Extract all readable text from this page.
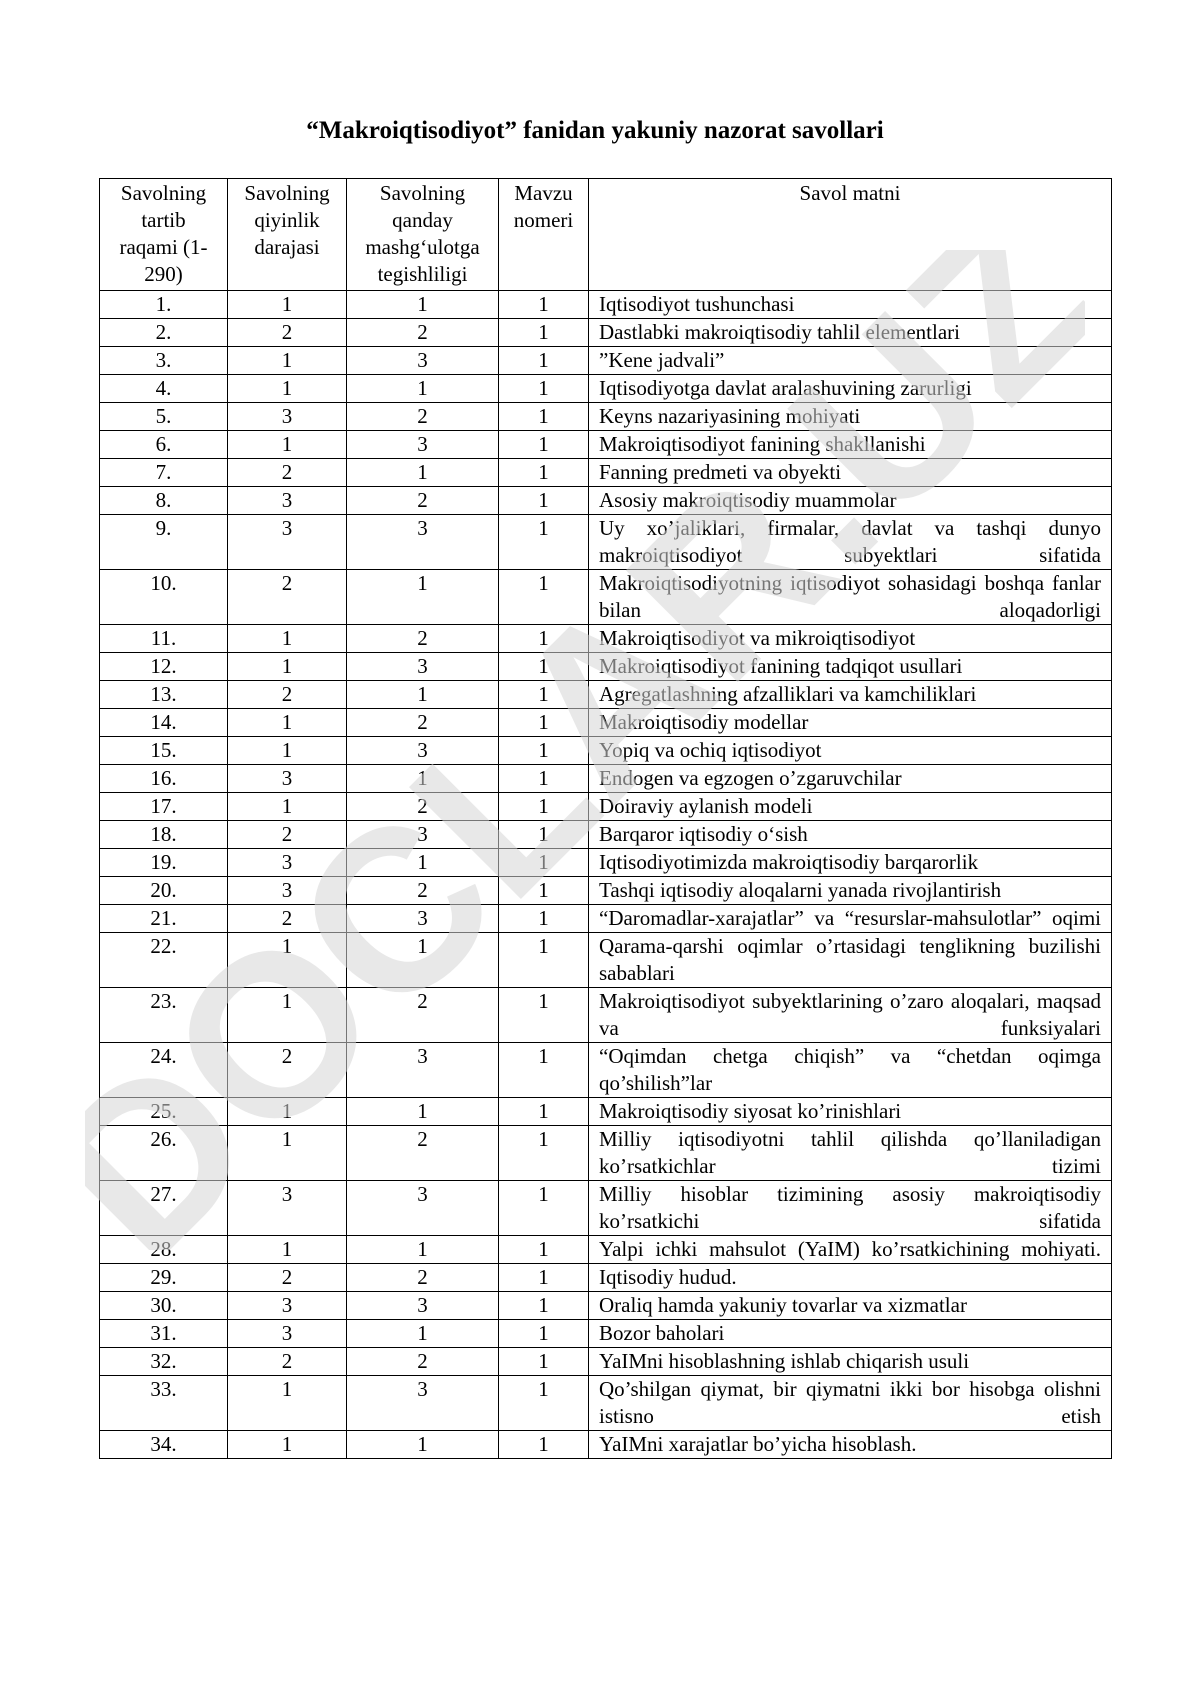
“Makroiqtisodiyot” fanidan yakuniy nazorat savollari
Savolning tartib raqami (1-290)	Savolning qiyinlik darajasi	Savolning qanday mashg‘ulotga tegishliligi	Mavzu nomeri	Savol matni
1.	1	1	1	Iqtisodiyot tushunchasi
2.	2	2	1	Dastlabki makroiqtisodiy tahlil elementlari
3.	1	3	1	”Kene jadvali”
4.	1	1	1	Iqtisodiyotga davlat aralashuvining zarurligi
5.	3	2	1	Keyns nazariyasining mohiyati
6.	1	3	1	Makroiqtisodiyot fanining shakllanishi
7.	2	1	1	Fanning predmeti va obyekti
8.	3	2	1	Asosiy makroiqtisodiy muammolar
9.	3	3	1	Uy xo’jaliklari, firmalar, davlat va tashqi dunyo makroiqtisodiyot subyektlari sifatida
10.	2	1	1	Makroiqtisodiyotning iqtisodiyot sohasidagi boshqa fanlar bilan aloqadorligi
11.	1	2	1	Makroiqtisodiyot va mikroiqtisodiyot
12.	1	3	1	Makroiqtisodiyot fanining tadqiqot usullari
13.	2	1	1	Agregatlashning afzalliklari va kamchiliklari
14.	1	2	1	Makroiqtisodiy modellar
15.	1	3	1	Yopiq va ochiq iqtisodiyot
16.	3	1	1	Endogen va egzogen o’zgaruvchilar
17.	1	2	1	Doiraviy aylanish modeli
18.	2	3	1	Barqaror iqtisodiy o‘sish
19.	3	1	1	Iqtisodiyotimizda makroiqtisodiy barqarorlik
20.	3	2	1	Tashqi iqtisodiy aloqalarni yanada rivojlantirish
21.	2	3	1	“Daromadlar-xarajatlar” va “resurslar-mahsulotlar” oqimi
22.	1	1	1	Qarama-qarshi oqimlar o’rtasidagi tenglikning buzilishi sabablari
23.	1	2	1	Makroiqtisodiyot subyektlarining o’zaro aloqalari, maqsad va funksiyalari
24.	2	3	1	“Oqimdan chetga chiqish” va “chetdan oqimga qo’shilish”lar
25.	1	1	1	Makroiqtisodiy siyosat ko’rinishlari
26.	1	2	1	Milliy iqtisodiyotni tahlil qilishda qo’llaniladigan ko’rsatkichlar tizimi
27.	3	3	1	Milliy hisoblar tizimining asosiy makroiqtisodiy ko’rsatkichi sifatida
28.	1	1	1	Yalpi ichki mahsulot (YaIM) ko’rsatkichining mohiyati.
29.	2	2	1	Iqtisodiy hudud.
30.	3	3	1	Oraliq hamda yakuniy tovarlar va xizmatlar
31.	3	1	1	Bozor baholari
32.	2	2	1	YaIMni hisoblashning ishlab chiqarish usuli
33.	1	3	1	Qo’shilgan qiymat, bir qiymatni ikki bor hisobga olishni istisno etish
34.	1	1	1	YaIMni xarajatlar bo’yicha hisoblash.
DOCLAR.UZ
